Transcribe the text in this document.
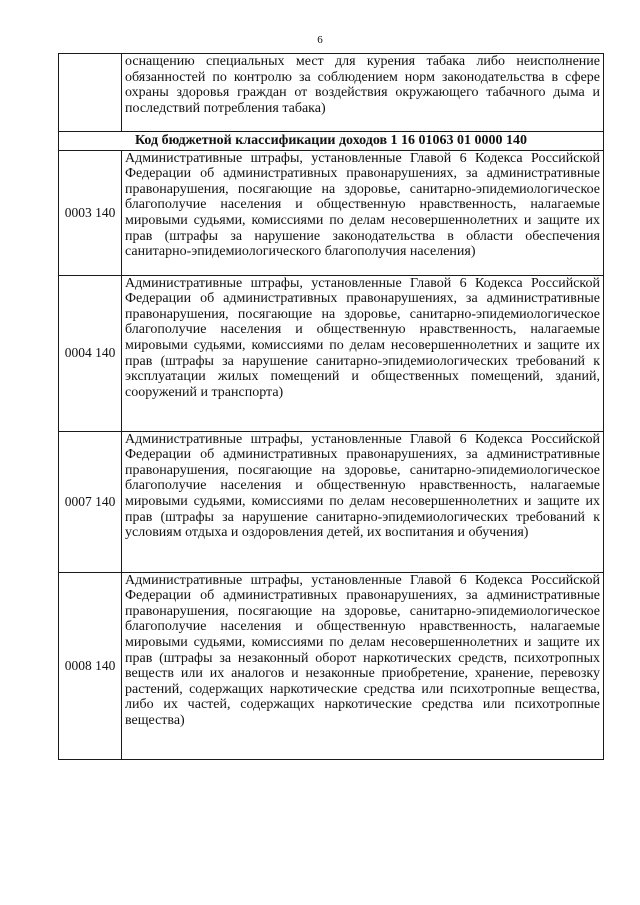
6
	оснащению специальных мест для курения табака либо неисполнение обязанностей по контролю за соблюдением норм законодательства в сфере охраны здоровья граждан от воздействия окружающего табачного дыма и последствий потребления табака)
Код бюджетной классификации доходов 1 16 01063 01 0000 140	
0003 140	Административные штрафы, установленные Главой 6 Кодекса Российской Федерации об административных правонарушениях, за административные правонарушения, посягающие на здоровье, санитарно-эпидемиологическое благополучие населения и общественную нравственность, налагаемые мировыми судьями, комиссиями по делам несовершеннолетних и защите их прав (штрафы за нарушение законодательства в области обеспечения санитарно-эпидемиологического благополучия населения)
0004 140	Административные штрафы, установленные Главой 6 Кодекса Российской Федерации об административных правонарушениях, за административные правонарушения, посягающие на здоровье, санитарно-эпидемиологическое благополучие населения и общественную нравственность, налагаемые мировыми судьями, комиссиями по делам несовершеннолетних и защите их прав (штрафы за нарушение санитарно-эпидемиологических требований к эксплуатации жилых помещений и общественных помещений, зданий, сооружений и транспорта)
0007 140	Административные штрафы, установленные Главой 6 Кодекса Российской Федерации об административных правонарушениях, за административные правонарушения, посягающие на здоровье, санитарно-эпидемиологическое благополучие населения и общественную нравственность, налагаемые мировыми судьями, комиссиями по делам несовершеннолетних и защите их прав (штрафы за нарушение санитарно-эпидемиологических требований к условиям отдыха и оздоровления детей, их воспитания и обучения)
0008 140	Административные штрафы, установленные Главой 6 Кодекса Российской Федерации об административных правонарушениях, за административные правонарушения, посягающие на здоровье, санитарно-эпидемиологическое благополучие населения и общественную нравственность, налагаемые мировыми судьями, комиссиями по делам несовершеннолетних и защите их прав (штрафы за незаконный оборот наркотических средств, психотропных веществ или их аналогов и незаконные приобретение, хранение, перевозку растений, содержащих наркотические средства или психотропные вещества, либо их частей, содержащих наркотические средства или психотропные вещества)
